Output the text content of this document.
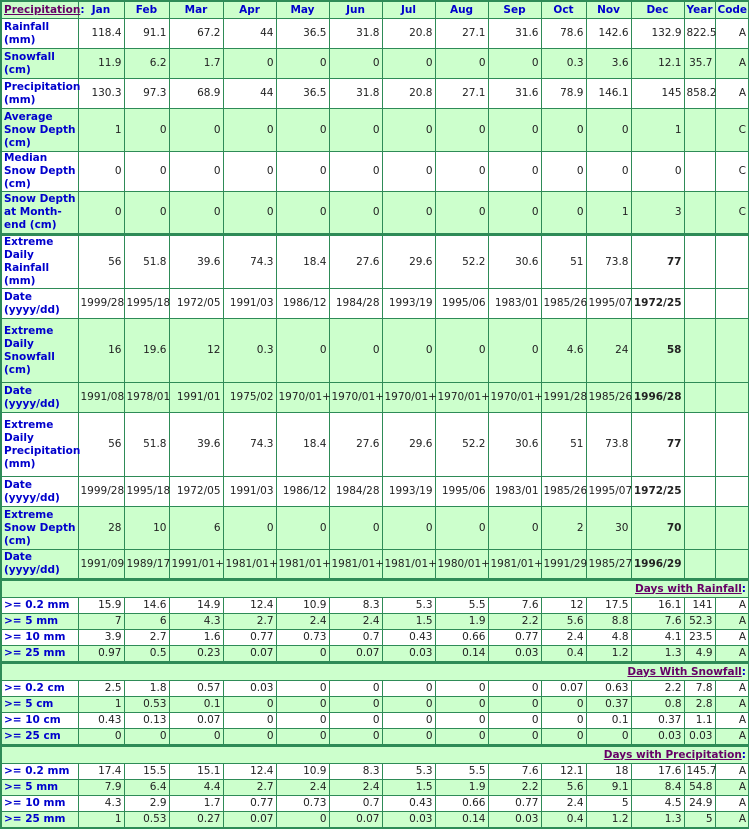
Precipitation:	Jan	Feb	Mar	Apr	May	Jun	Jul	Aug	Sep	Oct	Nov	Dec	Year	Code
Rainfall (mm)	118.4	91.1	67.2	44	36.5	31.8	20.8	27.1	31.6	78.6	142.6	132.9	822.5	A
Snowfall (cm)	11.9	6.2	1.7	0	0	0	0	0	0	0.3	3.6	12.1	35.7	A
Precipitation (mm)	130.3	97.3	68.9	44	36.5	31.8	20.8	27.1	31.6	78.9	146.1	145	858.2	A
Average Snow Depth (cm)	1	0	0	0	0	0	0	0	0	0	0	1		C
Median Snow Depth (cm)	0	0	0	0	0	0	0	0	0	0	0	0		C
Snow Depth at Month-end (cm)	0	0	0	0	0	0	0	0	0	0	1	3		C
Extreme Daily Rainfall (mm)	56	51.8	39.6	74.3	18.4	27.6	29.6	52.2	30.6	51	73.8	77		
Date (yyyy/dd)	1999/28	1995/18	1972/05	1991/03	1986/12	1984/28	1993/19	1995/06	1983/01	1985/26	1995/07	1972/25		
Extreme Daily Snowfall (cm)	16	19.6	12	0.3	0	0	0	0	0	4.6	24	58		
Date (yyyy/dd)	1991/08	1978/01	1991/01	1975/02	1970/01+	1970/01+	1970/01+	1970/01+	1970/01+	1991/28	1985/26	1996/28		
Extreme Daily Precipitation (mm)	56	51.8	39.6	74.3	18.4	27.6	29.6	52.2	30.6	51	73.8	77		
Date (yyyy/dd)	1999/28	1995/18	1972/05	1991/03	1986/12	1984/28	1993/19	1995/06	1983/01	1985/26	1995/07	1972/25		
Extreme Snow Depth (cm)	28	10	6	0	0	0	0	0	0	2	30	70		
Date (yyyy/dd)	1991/09	1989/17	1991/01+	1981/01+	1981/01+	1981/01+	1981/01+	1980/01+	1981/01+	1991/29	1985/27	1996/29		
Days with Rainfall:														
>= 0.2 mm	15.9	14.6	14.9	12.4	10.9	8.3	5.3	5.5	7.6	12	17.5	16.1	141	A
>= 5 mm	7	6	4.3	2.7	2.4	2.4	1.5	1.9	2.2	5.6	8.8	7.6	52.3	A
>= 10 mm	3.9	2.7	1.6	0.77	0.73	0.7	0.43	0.66	0.77	2.4	4.8	4.1	23.5	A
>= 25 mm	0.97	0.5	0.23	0.07	0	0.07	0.03	0.14	0.03	0.4	1.2	1.3	4.9	A
Days With Snowfall:														
>= 0.2 cm	2.5	1.8	0.57	0.03	0	0	0	0	0	0.07	0.63	2.2	7.8	A
>= 5 cm	1	0.53	0.1	0	0	0	0	0	0	0	0.37	0.8	2.8	A
>= 10 cm	0.43	0.13	0.07	0	0	0	0	0	0	0	0.1	0.37	1.1	A
>= 25 cm	0	0	0	0	0	0	0	0	0	0	0	0.03	0.03	A
Days with Precipitation:														
>= 0.2 mm	17.4	15.5	15.1	12.4	10.9	8.3	5.3	5.5	7.6	12.1	18	17.6	145.7	A
>= 5 mm	7.9	6.4	4.4	2.7	2.4	2.4	1.5	1.9	2.2	5.6	9.1	8.4	54.8	A
>= 10 mm	4.3	2.9	1.7	0.77	0.73	0.7	0.43	0.66	0.77	2.4	5	4.5	24.9	A
>= 25 mm	1	0.53	0.27	0.07	0	0.07	0.03	0.14	0.03	0.4	1.2	1.3	5	A
